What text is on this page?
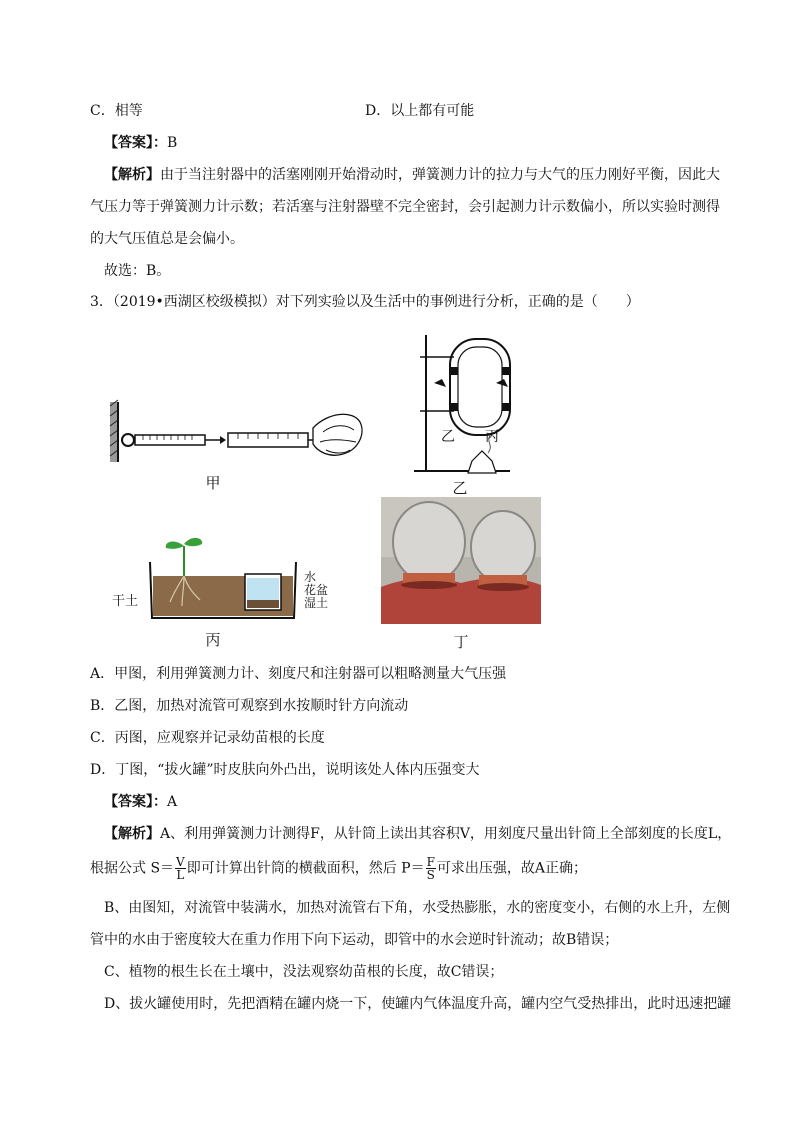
C．相等	D．以上都有可能
【答案】：B
【解析】由于当注射器中的活塞刚刚开始滑动时，弹簧测力计的拉力与大气的压力刚好平衡，因此大
气压力等于弹簧测力计示数；若活塞与注射器壁不完全密封，会引起测力计示数偏小，所以实验时测得
的大气压值总是会偏小。
故选：B。
3．（2019•西湖区校级模拟）对下列实验以及生活中的事例进行分析，正确的是（　　）
甲
乙 丙
乙
干土
水
花盆
湿土
丙	丁
A．甲图，利用弹簧测力计、刻度尺和注射器可以粗略测量大气压强
B．乙图，加热对流管可观察到水按顺时针方向流动
C．丙图，应观察并记录幼苗根的长度
D．丁图，“拔火罐”时皮肤向外凸出，说明该处人体内压强变大
【答案】：A
【解析】A、利用弹簧测力计测得F，从针筒上读出其容积V，用刻度尺量出针筒上全部刻度的长度L，
根据公式 $S= \frac{V}{L}$ 即可计算出针筒的横截面积，然后 $P= \frac{F}{S}$ 可求出压强，故A正确；
B、由图知，对流管中装满水，加热对流管右下角，水受热膨胀，水的密度变小，右侧的水上升，左侧
管中的水由于密度较大在重力作用下向下运动，即管中的水会逆时针流动；故B错误；
C、植物的根生长在土壤中，没法观察幼苗根的长度，故C错误；
D、拔火罐使用时，先把酒精在罐内烧一下，使罐内气体温度升高，罐内空气受热排出，此时迅速把罐
